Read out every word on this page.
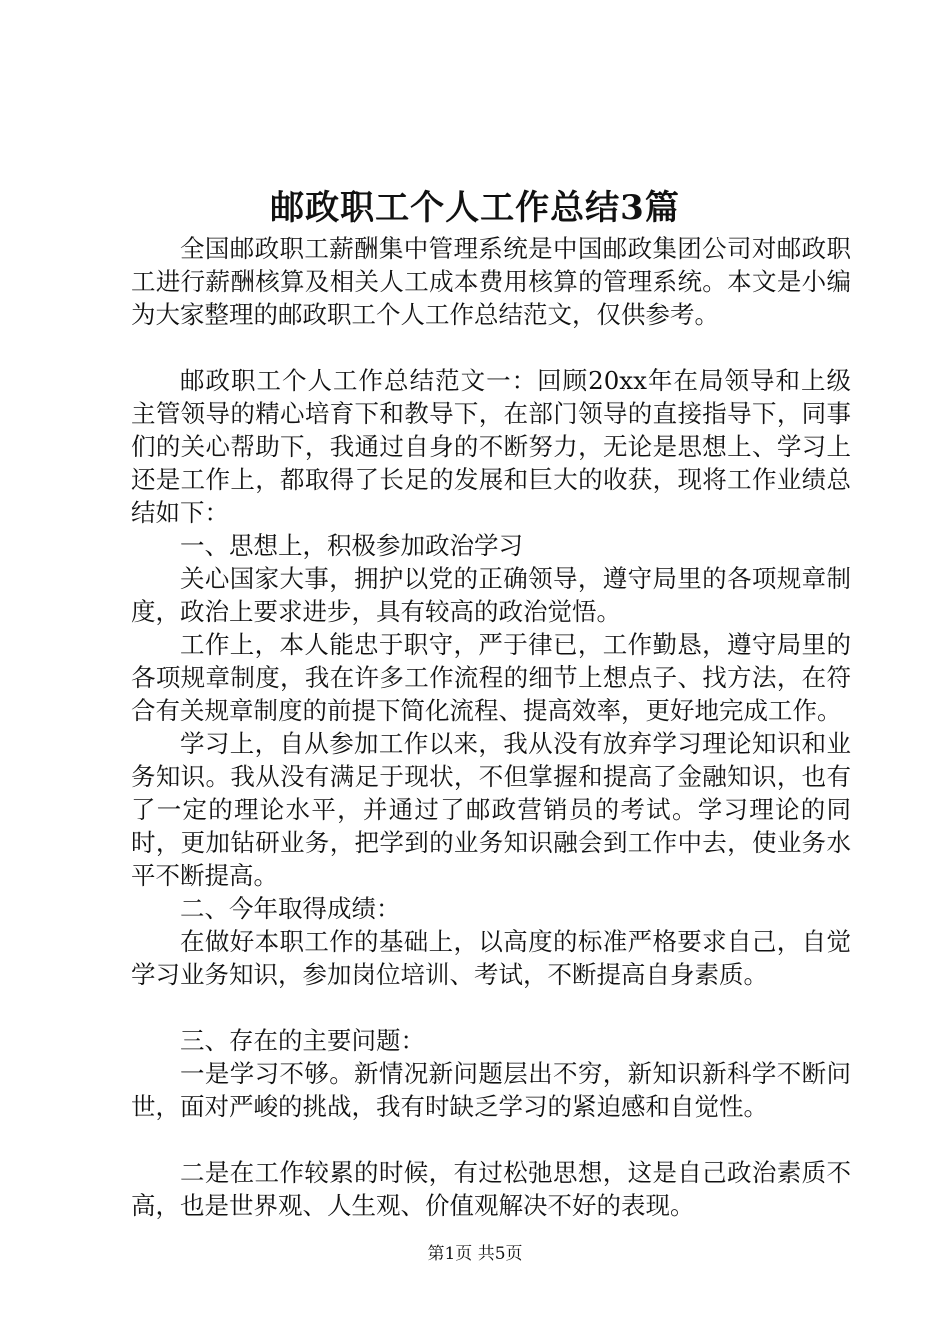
邮政职工个人工作总结3篇

全国邮政职工薪酬集中管理系统是中国邮政集团公司对邮政职工进行薪酬核算及相关人工成本费用核算的管理系统。本文是小编为大家整理的邮政职工个人工作总结范文，仅供参考。

邮政职工个人工作总结范文一：回顾20xx年在局领导和上级主管领导的精心培育下和教导下，在部门领导的直接指导下，同事们的关心帮助下，我通过自身的不断努力，无论是思想上、学习上还是工作上，都取得了长足的发展和巨大的收获，现将工作业绩总结如下：

一、思想上，积极参加政治学习

关心国家大事，拥护以党的正确领导，遵守局里的各项规章制度，政治上要求进步，具有较高的政治觉悟。

工作上，本人能忠于职守，严于律已，工作勤恳，遵守局里的各项规章制度，我在许多工作流程的细节上想点子、找方法，在符合有关规章制度的前提下简化流程、提高效率，更好地完成工作。

学习上，自从参加工作以来，我从没有放弃学习理论知识和业务知识。我从没有满足于现状，不但掌握和提高了金融知识，也有了一定的理论水平，并通过了邮政营销员的考试。学习理论的同时，更加钻研业务，把学到的业务知识融会到工作中去，使业务水平不断提高。

二、今年取得成绩：

在做好本职工作的基础上，以高度的标准严格要求自己，自觉学习业务知识，参加岗位培训、考试，不断提高自身素质。

三、存在的主要问题：

一是学习不够。新情况新问题层出不穷，新知识新科学不断问世，面对严峻的挑战，我有时缺乏学习的紧迫感和自觉性。

二是在工作较累的时候，有过松弛思想，这是自己政治素质不高，也是世界观、人生观、价值观解决不好的表现。

第1页 共5页
